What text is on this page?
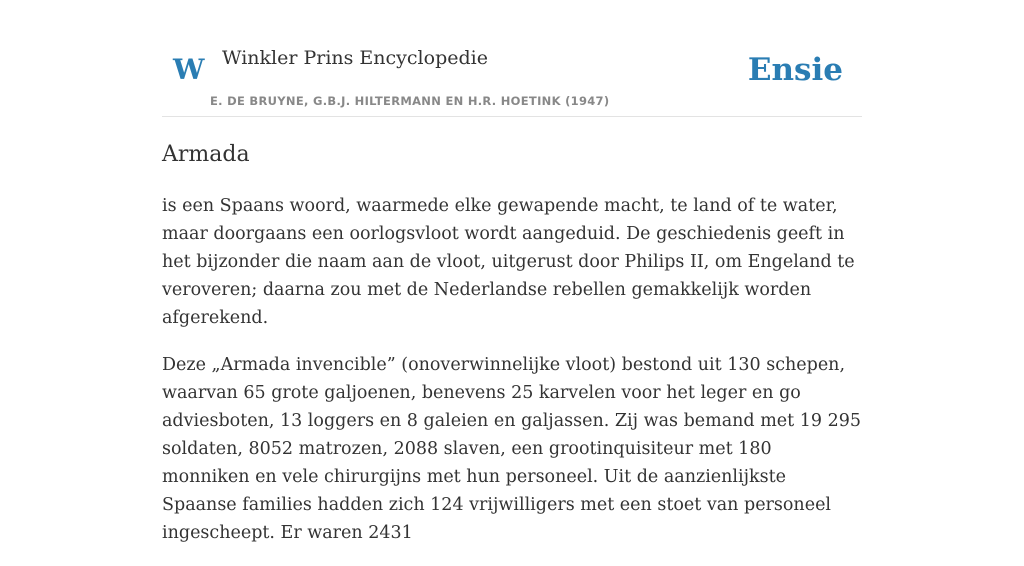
W Winkler Prins Encyclopedie
E. DE BRUYNE, G.B.J. HILTERMANN EN H.R. HOETINK (1947)
Ensie
Armada

is een Spaans woord, waarmede elke gewapende macht, te land of te water, maar doorgaans een oorlogsvloot wordt aangeduid. De geschiedenis geeft in het bijzonder die naam aan de vloot, uitgerust door Philips II, om Engeland te veroveren; daarna zou met de Nederlandse rebellen gemakkelijk worden afgerekend.

Deze „Armada invencible” (onoverwinnelijke vloot) bestond uit 130 schepen, waarvan 65 grote galjoenen, benevens 25 karvelen voor het leger en go adviesboten, 13 loggers en 8 galeien en galjassen. Zij was bemand met 19 295 soldaten, 8052 matrozen, 2088 slaven, een grootinquisiteur met 180 monniken en vele chirurgijns met hun personeel. Uit de aanzienlijkste Spaanse families hadden zich 124 vrijwilligers met een stoet van personeel ingescheept. Er waren 2431
